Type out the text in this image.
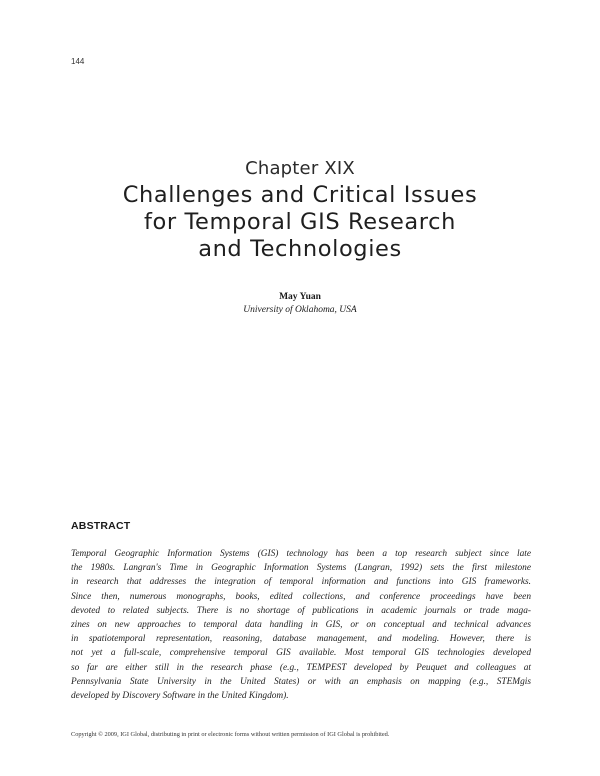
144
Chapter XIX
Challenges and Critical Issues
for Temporal GIS Research
and Technologies
May Yuan
University of Oklahoma, USA
ABSTRACT
Temporal Geographic Information Systems (GIS) technology has been a top research subject since late
the 1980s. Langran's Time in Geographic Information Systems (Langran, 1992) sets the first milestone
in research that addresses the integration of temporal information and functions into GIS frameworks.
Since then, numerous monographs, books, edited collections, and conference proceedings have been
devoted to related subjects. There is no shortage of publications in academic journals or trade maga-
zines on new approaches to temporal data handling in GIS, or on conceptual and technical advances
in spatiotemporal representation, reasoning, database management, and modeling. However, there is
not yet a full-scale, comprehensive temporal GIS available. Most temporal GIS technologies developed
so far are either still in the research phase (e.g., TEMPEST developed by Peuquet and colleagues at
Pennsylvania State University in the United States) or with an emphasis on mapping (e.g., STEMgis
developed by Discovery Software in the United Kingdom).
Copyright © 2009, IGI Global, distributing in print or electronic forms without written permission of IGI Global is prohibited.
